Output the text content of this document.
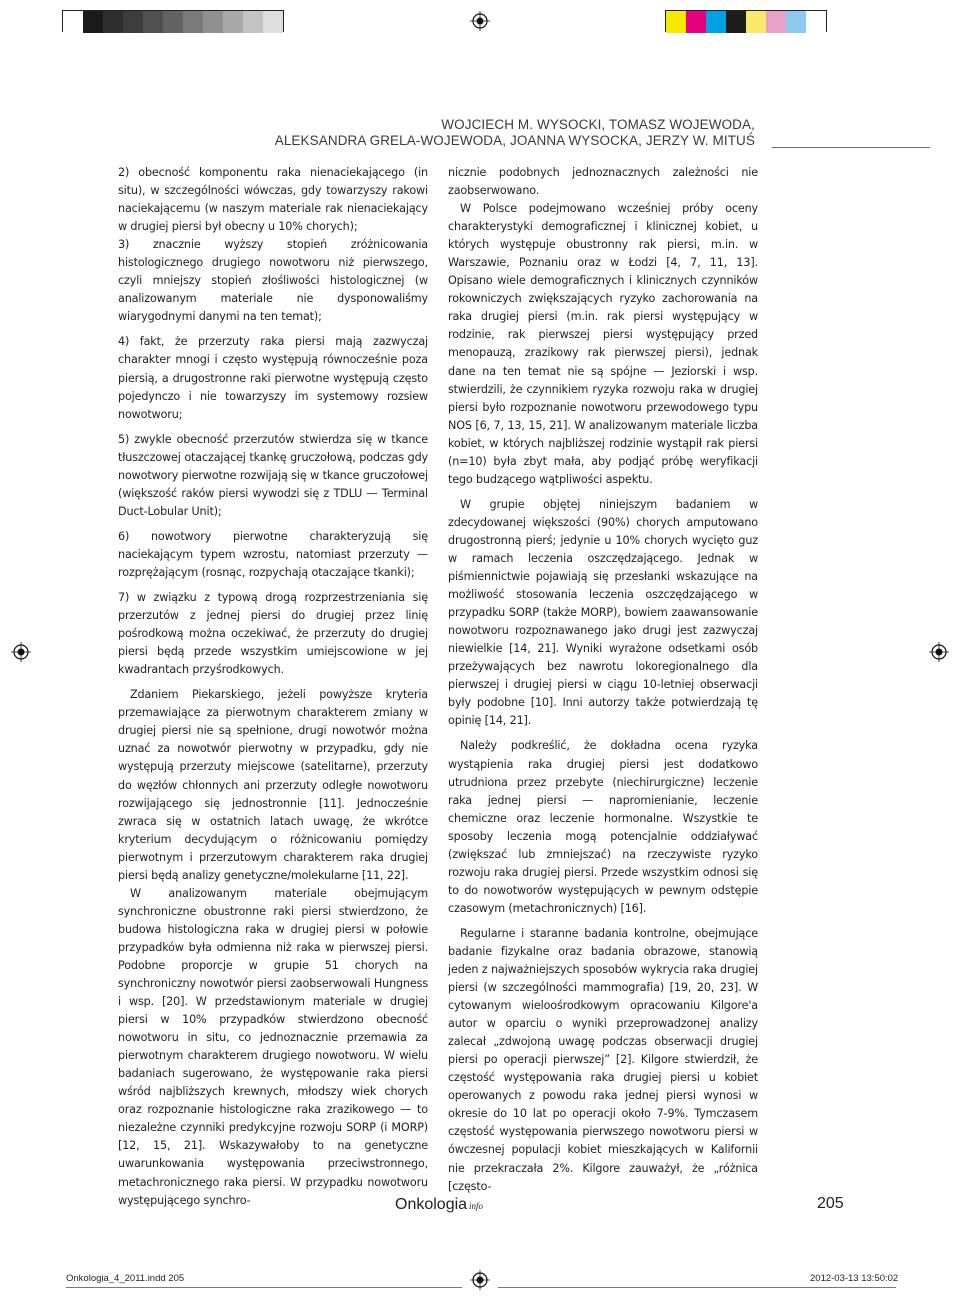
WOJCIECH M. WYSOCKI, TOMASZ WOJEWODA,
ALEKSANDRA GRELA-WOJEWODA, JOANNA WYSOCKA, JERZY W. MITUŚ

2) obecność komponentu raka nienaciekającego (in situ), w szczególności wówczas, gdy towarzyszy rakowi naciekającemu (w naszym materiale rak nienaciekający w drugiej piersi był obecny u 10% chorych);

3) znacznie wyższy stopień zróżnicowania histologicznego drugiego nowotworu niż pierwszego, czyli mniejszy stopień złośliwości histologicznej (w analizowanym materiale nie dysponowaliśmy wiarygodnymi danymi na ten temat);

4) fakt, że przerzuty raka piersi mają zazwyczaj charakter mnogi i często występują równocześnie poza piersią, a drugostronne raki pierwotne występują często pojedynczo i nie towarzyszy im systemowy rozsiew nowotworu;

5) zwykle obecność przerzutów stwierdza się w tkance tłuszczowej otaczającej tkankę gruczołową, podczas gdy nowotwory pierwotne rozwijają się w tkance gruczołowej (większość raków piersi wywodzi się z TDLU — Terminal Duct-Lobular Unit);

6) nowotwory pierwotne charakteryzują się naciekającym typem wzrostu, natomiast przerzuty — rozprężającym (rosnąc, rozpychają otaczające tkanki);

7) w związku z typową drogą rozprzestrzeniania się przerzutów z jednej piersi do drugiej przez linię pośrodkową można oczekiwać, że przerzuty do drugiej piersi będą przede wszystkim umiejscowione w jej kwadrantach przyśrodkowych.

Zdaniem Piekarskiego, jeżeli powyższe kryteria przemawiające za pierwotnym charakterem zmiany w drugiej piersi nie są spełnione, drugi nowotwór można uznać za nowotwór pierwotny w przypadku, gdy nie występują przerzuty miejscowe (satelitarne), przerzuty do węzłów chłonnych ani przerzuty odległe nowotworu rozwijającego się jednostronnie [11]. Jednocześnie zwraca się w ostatnich latach uwagę, że wkrótce kryterium decydującym o różnicowaniu pomiędzy pierwotnym i przerzutowym charakterem raka drugiej piersi będą analizy genetyczne/molekularne [11, 22].

W analizowanym materiale obejmującym synchroniczne obustronne raki piersi stwierdzono, że budowa histologiczna raka w drugiej piersi w połowie przypadków była odmienna niż raka w pierwszej piersi. Podobne proporcje w grupie 51 chorych na synchroniczny nowotwór piersi zaobserwowali Hungness i wsp. [20]. W przedstawionym materiale w drugiej piersi w 10% przypadków stwierdzono obecność nowotworu in situ, co jednoznacznie przemawia za pierwotnym charakterem drugiego nowotworu. W wielu badaniach sugerowano, że występowanie raka piersi wśród najbliższych krewnych, młodszy wiek chorych oraz rozpoznanie histologiczne raka zrazikowego — to niezależne czynniki predykcyjne rozwoju SORP (i MORP) [12, 15, 21]. Wskazywałoby to na genetyczne uwarunkowania występowania przeciwstronnego, metachronicznego raka piersi. W przypadku nowotworu występującego synchro-

nicznie podobnych jednoznacznych zależności nie zaobserwowano.

W Polsce podejmowano wcześniej próby oceny charakterystyki demograficznej i klinicznej kobiet, u których występuje obustronny rak piersi, m.in. w Warszawie, Poznaniu oraz w Łodzi [4, 7, 11, 13]. Opisano wiele demograficznych i klinicznych czynników rokowniczych zwiększających ryzyko zachorowania na raka drugiej piersi (m.in. rak piersi występujący w rodzinie, rak pierwszej piersi występujący przed menopauzą, zrazikowy rak pierwszej piersi), jednak dane na ten temat nie są spójne — Jeziorski i wsp. stwierdzili, że czynnikiem ryzyka rozwoju raka w drugiej piersi było rozpoznanie nowotworu przewodowego typu NOS [6, 7, 13, 15, 21]. W analizowanym materiale liczba kobiet, w których najbliższej rodzinie wystąpił rak piersi (n=10) była zbyt mała, aby podjąć próbę weryfikacji tego budzącego wątpliwości aspektu.

W grupie objętej niniejszym badaniem w zdecydowanej większości (90%) chorych amputowano drugostronną pierś; jedynie u 10% chorych wycięto guz w ramach leczenia oszczędzającego. Jednak w piśmiennictwie pojawiają się przesłanki wskazujące na możliwość stosowania leczenia oszczędzającego w przypadku SORP (także MORP), bowiem zaawansowanie nowotworu rozpoznawanego jako drugi jest zazwyczaj niewielkie [14, 21]. Wyniki wyrażone odsetkami osób przeżywających bez nawrotu lokoregionalnego dla pierwszej i drugiej piersi w ciągu 10-letniej obserwacji były podobne [10]. Inni autorzy także potwierdzają tę opinię [14, 21].

Należy podkreślić, że dokładna ocena ryzyka wystąpienia raka drugiej piersi jest dodatkowo utrudniona przez przebyte (niechirurgiczne) leczenie raka jednej piersi — napromienianie, leczenie chemiczne oraz leczenie hormonalne. Wszystkie te sposoby leczenia mogą potencjalnie oddziaływać (zwiększać lub zmniejszać) na rzeczywiste ryzyko rozwoju raka drugiej piersi. Przede wszystkim odnosi się to do nowotworów występujących w pewnym odstępie czasowym (metachronicznych) [16].

Regularne i staranne badania kontrolne, obejmujące badanie fizykalne oraz badania obrazowe, stanowią jeden z najważniejszych sposobów wykrycia raka drugiej piersi (w szczególności mammografia) [19, 20, 23]. W cytowanym wieloośrodkowym opracowaniu Kilgore'a autor w oparciu o wyniki przeprowadzonej analizy zalecał „zdwojoną uwagę podczas obserwacji drugiej piersi po operacji pierwszej” [2]. Kilgore stwierdził, że częstość występowania raka drugiej piersi u kobiet operowanych z powodu raka jednej piersi wynosi w okresie do 10 lat po operacji około 7-9%. Tymczasem częstość występowania pierwszego nowotworu piersi w ówczesnej populacji kobiet mieszkających w Kalifornii nie przekraczała 2%. Kilgore zauważył, że „różnica [często-

Onkologia info	205
Onkologia_4_2011.indd 205	2012-03-13 13:50:02
